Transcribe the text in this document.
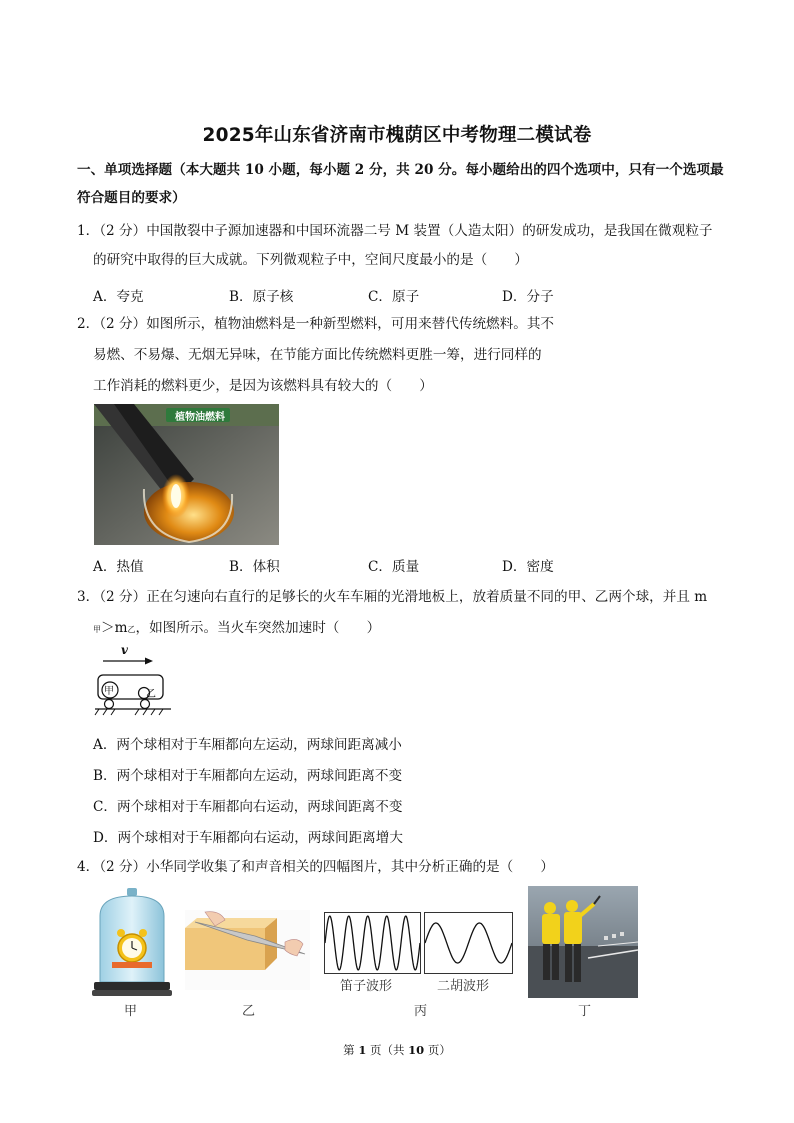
2025年山东省济南市槐荫区中考物理二模试卷
一、单项选择题（本大题共 10 小题，每小题 2 分，共 20 分。每小题给出的四个选项中，只有一个选项最
符合题目的要求）
1．（2 分）中国散裂中子源加速器和中国环流器二号 M 装置（人造太阳）的研发成功，是我国在微观粒子
的研究中取得的巨大成就。下列微观粒子中，空间尺度最小的是（　　）
A．夸克	B．原子核	C．原子	D．分子
2．（2 分）如图所示，植物油燃料是一种新型燃料，可用来替代传统燃料。其不
易燃、不易爆、无烟无异味，在节能方面比传统燃料更胜一筹，进行同样的
工作消耗的燃料更少，是因为该燃料具有较大的（　　）
植物油燃料
A．热值	B．体积	C．质量	D．密度
3．（2 分）正在匀速向右直行的足够长的火车车厢的光滑地板上，放着质量不同的甲、乙两个球，并且 m
甲＞m乙，如图所示。当火车突然加速时（　　）
v
甲	乙
A．两个球相对于车厢都向左运动，两球间距离减小
B．两个球相对于车厢都向左运动，两球间距离不变
C．两个球相对于车厢都向右运动，两球间距离不变
D．两个球相对于车厢都向右运动，两球间距离增大
4．（2 分）小华同学收集了和声音相关的四幅图片，其中分析正确的是（　　）
笛子波形	二胡波形
甲	乙	丙	丁
第 1 页（共 10 页）
